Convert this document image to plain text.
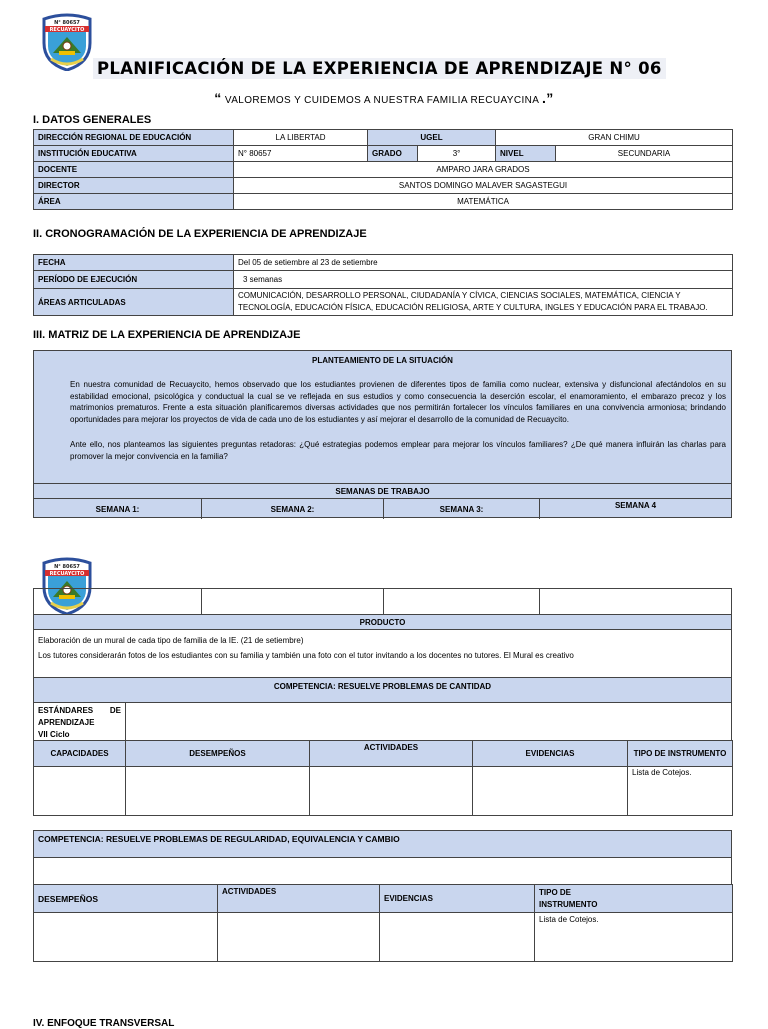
N° 80657
RECUAYCITO
PLANIFICACIÓN DE LA EXPERIENCIA DE APRENDIZAJE N° 06
“ VALOREMOS Y CUIDEMOS A NUESTRA FAMILIA RECUAYCINA .”
I. DATOS GENERALES
DIRECCIÓN REGIONAL DE EDUCACIÓN	LA LIBERTAD	UGEL		GRAN CHIMU	
INSTITUCIÓN EDUCATIVA	N° 80657	GRADO	3°	NIVEL	SECUNDARIA
DOCENTE	AMPARO JARA GRADOS				
DIRECTOR	SANTOS DOMINGO MALAVER SAGASTEGUI				
ÁREA	MATEMÁTICA				
II. CRONOGRAMACIÓN DE LA EXPERIENCIA DE APRENDIZAJE
FECHA	Del 05 de setiembre al 23 de setiembre
PERÍODO DE EJECUCIÓN	3 semanas
ÁREAS ARTICULADAS	COMUNICACIÓN, DESARROLLO PERSONAL, CIUDADANÍA Y CÍVICA, CIENCIAS SOCIALES, MATEMÁTICA, CIENCIA Y
TECNOLOGÍA, EDUCACIÓN FÍSICA, EDUCACIÓN RELIGIOSA, ARTE Y CULTURA, INGLES Y EDUCACIÓN PARA EL TRABAJO.
III. MATRIZ DE LA EXPERIENCIA DE APRENDIZAJE
PLANTEAMIENTO DE LA SITUACIÓN
En nuestra comunidad de Recuaycito, hemos observado que los estudiantes provienen de diferentes tipos de familia como nuclear, extensiva y disfuncional afectándolos en su estabilidad emocional, psicológica y conductual la cual se ve reflejada en sus estudios y como consecuencia la deserción escolar, el enamoramiento, el embarazo precoz y los matrimonios prematuros. Frente a esta situación planificaremos diversas actividades que nos permitirán fortalecer los vínculos familiares en una convivencia armoniosa; brindando oportunidades para mejorar los proyectos de vida de cada uno de los estudiantes y así mejorar el desarrollo de la comunidad de Recuaycito.
Ante ello, nos planteamos las siguientes preguntas retadoras: ¿Qué estrategias podemos emplear para mejorar los vínculos familiares? ¿De qué manera influirán las charlas para promover la mejor convivencia en la familia?
SEMANAS DE TRABAJO
SEMANA 1:	SEMANA 2:	SEMANA 3:	SEMANA 4
N° 80657
RECUAYCITO
PRODUCTO
Elaboración de un mural de cada tipo de familia de la IE. (21 de setiembre)
Los tutores considerarán fotos de los estudiantes con su familia y también una foto con el tutor invitando a los docentes no tutores. El Mural es creativo
COMPETENCIA: RESUELVE PROBLEMAS DE CANTIDAD
ESTÁNDARES DE
APRENDIZAJE
VII Ciclo
CAPACIDADES	DESEMPEÑOS	ACTIVIDADES	EVIDENCIAS	TIPO DE INSTRUMENTO
				Lista de Cotejos.
COMPETENCIA: RESUELVE PROBLEMAS DE REGULARIDAD, EQUIVALENCIA Y CAMBIO
DESEMPEÑOS	ACTIVIDADES	EVIDENCIAS	TIPO DE
INSTRUMENTO

			Lista de Cotejos.
IV. ENFOQUE TRANSVERSAL
